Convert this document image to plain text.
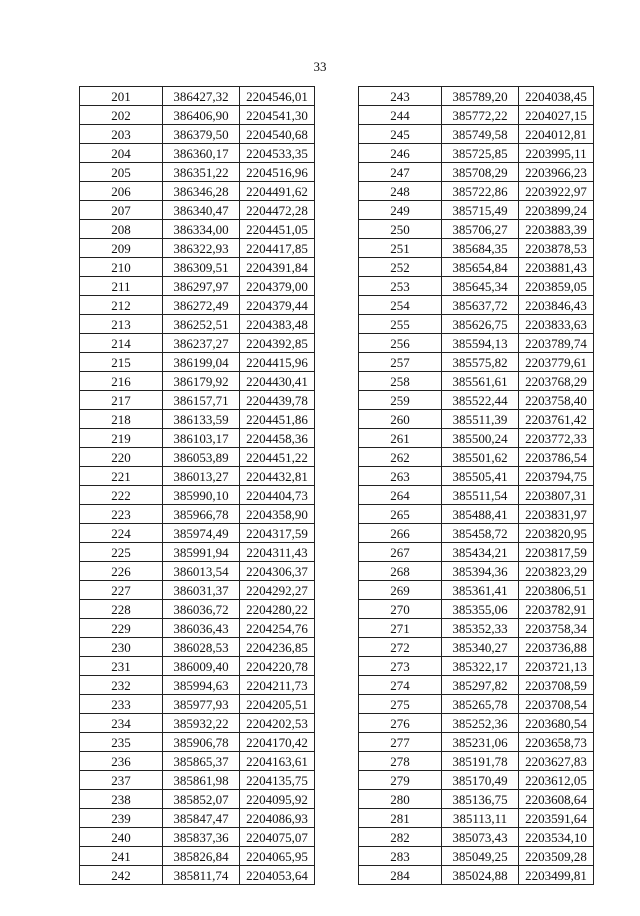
33
201	386427,32	2204546,01
202	386406,90	2204541,30
203	386379,50	2204540,68
204	386360,17	2204533,35
205	386351,22	2204516,96
206	386346,28	2204491,62
207	386340,47	2204472,28
208	386334,00	2204451,05
209	386322,93	2204417,85
210	386309,51	2204391,84
211	386297,97	2204379,00
212	386272,49	2204379,44
213	386252,51	2204383,48
214	386237,27	2204392,85
215	386199,04	2204415,96
216	386179,92	2204430,41
217	386157,71	2204439,78
218	386133,59	2204451,86
219	386103,17	2204458,36
220	386053,89	2204451,22
221	386013,27	2204432,81
222	385990,10	2204404,73
223	385966,78	2204358,90
224	385974,49	2204317,59
225	385991,94	2204311,43
226	386013,54	2204306,37
227	386031,37	2204292,27
228	386036,72	2204280,22
229	386036,43	2204254,76
230	386028,53	2204236,85
231	386009,40	2204220,78
232	385994,63	2204211,73
233	385977,93	2204205,51
234	385932,22	2204202,53
235	385906,78	2204170,42
236	385865,37	2204163,61
237	385861,98	2204135,75
238	385852,07	2204095,92
239	385847,47	2204086,93
240	385837,36	2204075,07
241	385826,84	2204065,95
242	385811,74	2204053,64
243	385789,20	2204038,45
244	385772,22	2204027,15
245	385749,58	2204012,81
246	385725,85	2203995,11
247	385708,29	2203966,23
248	385722,86	2203922,97
249	385715,49	2203899,24
250	385706,27	2203883,39
251	385684,35	2203878,53
252	385654,84	2203881,43
253	385645,34	2203859,05
254	385637,72	2203846,43
255	385626,75	2203833,63
256	385594,13	2203789,74
257	385575,82	2203779,61
258	385561,61	2203768,29
259	385522,44	2203758,40
260	385511,39	2203761,42
261	385500,24	2203772,33
262	385501,62	2203786,54
263	385505,41	2203794,75
264	385511,54	2203807,31
265	385488,41	2203831,97
266	385458,72	2203820,95
267	385434,21	2203817,59
268	385394,36	2203823,29
269	385361,41	2203806,51
270	385355,06	2203782,91
271	385352,33	2203758,34
272	385340,27	2203736,88
273	385322,17	2203721,13
274	385297,82	2203708,59
275	385265,78	2203708,54
276	385252,36	2203680,54
277	385231,06	2203658,73
278	385191,78	2203627,83
279	385170,49	2203612,05
280	385136,75	2203608,64
281	385113,11	2203591,64
282	385073,43	2203534,10
283	385049,25	2203509,28
284	385024,88	2203499,81
